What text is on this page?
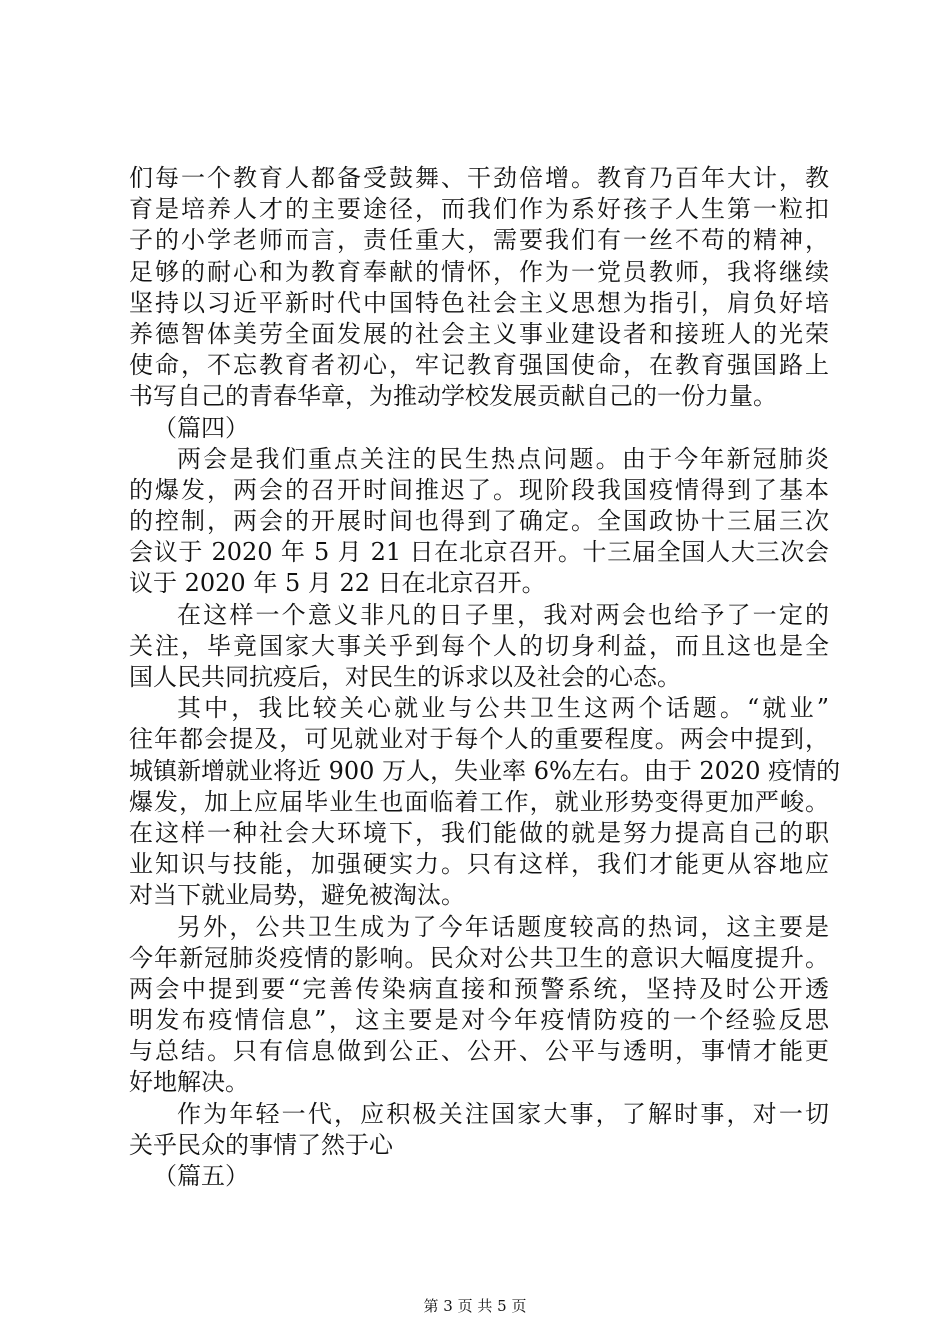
们每一个教育人都备受鼓舞、干劲倍增。教育乃百年大计，教
育是培养人才的主要途径，而我们作为系好孩子人生第一粒扣
子的小学老师而言，责任重大，需要我们有一丝不苟的精神，
足够的耐心和为教育奉献的情怀，作为一党员教师，我将继续
坚持以习近平新时代中国特色社会主义思想为指引，肩负好培
养德智体美劳全面发展的社会主义事业建设者和接班人的光荣
使命，不忘教育者初心，牢记教育强国使命，在教育强国路上
书写自己的青春华章，为推动学校发展贡献自己的一份力量。
（篇四）
两会是我们重点关注的民生热点问题。由于今年新冠肺炎
的爆发，两会的召开时间推迟了。现阶段我国疫情得到了基本
的控制，两会的开展时间也得到了确定。全国政协十三届三次
会议于 2020 年 5 月 21 日在北京召开。十三届全国人大三次会
议于 2020 年 5 月 22 日在北京召开。
在这样一个意义非凡的日子里，我对两会也给予了一定的
关注，毕竟国家大事关乎到每个人的切身利益，而且这也是全
国人民共同抗疫后，对民生的诉求以及社会的心态。
其中，我比较关心就业与公共卫生这两个话题。“就业”
往年都会提及，可见就业对于每个人的重要程度。两会中提到，
城镇新增就业将近 900 万人，失业率 6%左右。由于 2020 疫情的
爆发，加上应届毕业生也面临着工作，就业形势变得更加严峻。
在这样一种社会大环境下，我们能做的就是努力提高自己的职
业知识与技能，加强硬实力。只有这样，我们才能更从容地应
对当下就业局势，避免被淘汰。
另外，公共卫生成为了今年话题度较高的热词，这主要是
今年新冠肺炎疫情的影响。民众对公共卫生的意识大幅度提升。
两会中提到要“完善传染病直接和预警系统，坚持及时公开透
明发布疫情信息”，这主要是对今年疫情防疫的一个经验反思
与总结。只有信息做到公正、公开、公平与透明，事情才能更
好地解决。
作为年轻一代，应积极关注国家大事，了解时事，对一切
关乎民众的事情了然于心
（篇五）
第 3 页 共 5 页
